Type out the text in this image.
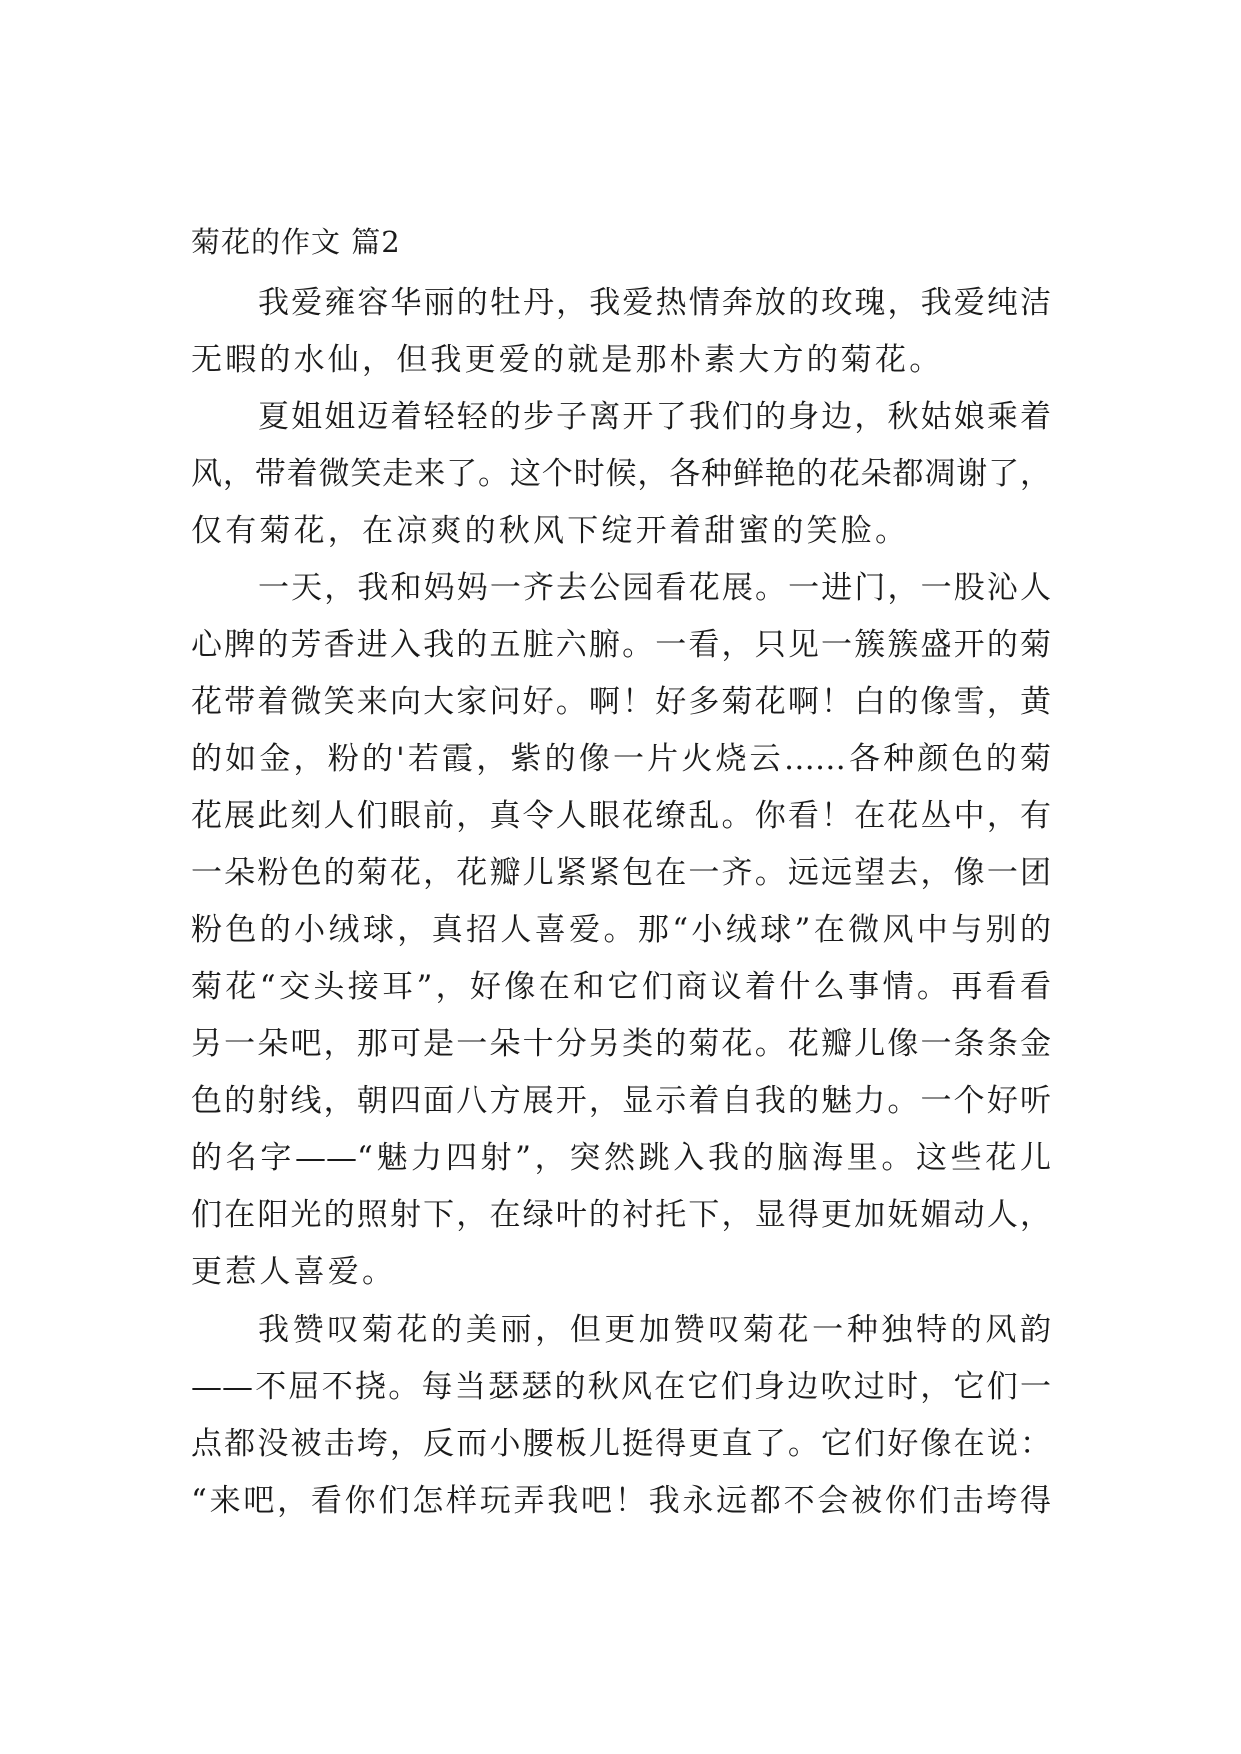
菊花的作文 篇2
我爱雍容华丽的牡丹，我爱热情奔放的玫瑰，我爱纯洁
无暇的水仙，但我更爱的就是那朴素大方的菊花。
夏姐姐迈着轻轻的步子离开了我们的身边，秋姑娘乘着
风，带着微笑走来了。这个时候，各种鲜艳的花朵都凋谢了，
仅有菊花，在凉爽的秋风下绽开着甜蜜的笑脸。
一天，我和妈妈一齐去公园看花展。一进门，一股沁人
心脾的芳香进入我的五脏六腑。一看，只见一簇簇盛开的菊
花带着微笑来向大家问好。啊！好多菊花啊！白的像雪，黄
的如金，粉的'若霞，紫的像一片火烧云……各种颜色的菊
花展此刻人们眼前，真令人眼花缭乱。你看！在花丛中，有
一朵粉色的菊花，花瓣儿紧紧包在一齐。远远望去，像一团
粉色的小绒球，真招人喜爱。那“小绒球”在微风中与别的
菊花“交头接耳”，好像在和它们商议着什么事情。再看看
另一朵吧，那可是一朵十分另类的菊花。花瓣儿像一条条金
色的射线，朝四面八方展开，显示着自我的魅力。一个好听
的名字——“魅力四射”，突然跳入我的脑海里。这些花儿
们在阳光的照射下，在绿叶的衬托下，显得更加妩媚动人，
更惹人喜爱。
我赞叹菊花的美丽，但更加赞叹菊花一种独特的风韵
——不屈不挠。每当瑟瑟的秋风在它们身边吹过时，它们一
点都没被击垮，反而小腰板儿挺得更直了。它们好像在说：
“来吧，看你们怎样玩弄我吧！我永远都不会被你们击垮得
